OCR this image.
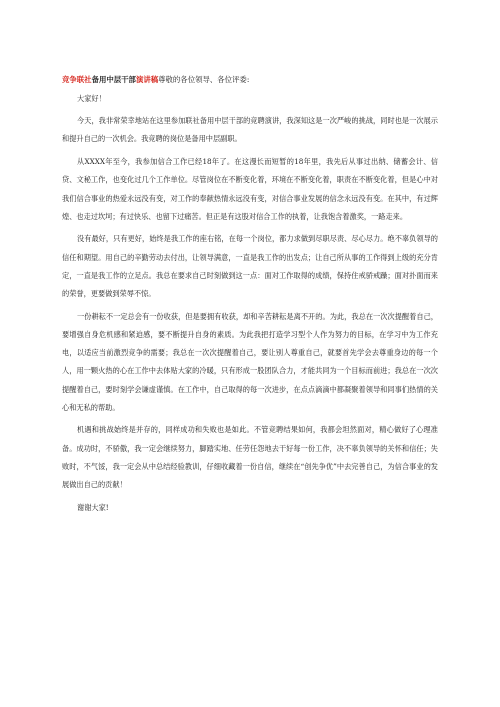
竞争联社备用中层干部演讲稿尊敬的各位领导、各位评委:

大家好！

今天，我非常荣幸地站在这里参加联社备用中层干部的竞聘演讲，我深知这是一次严峻的挑战，同时也是一次展示和提升自己的一次机会。我竞聘的岗位是备用中层副职。

从XXXX年至今，我参加信合工作已经18年了。在这漫长而短暂的18年里，我先后从事过出纳、储蓄会计、信贷、文秘工作，也变化过几个工作单位。尽管岗位在不断变化着，环境在不断变化着，职责在不断变化着，但是心中对我们信合事业的热爱永远没有变，对工作的奉献热情永远没有变，对信合事业发展的信念永远没有变。在其中，有过辉煌、也走过坎坷；有过快乐、也留下过痛苦。但正是有这股对信合工作的执着，让我饱含着激奖，一路走来。

没有最好，只有更好，始终是我工作的座右铭，在每一个岗位，都力求做到尽职尽责、尽心尽力。绝不辜负领导的信任和期望。用自己的辛勤劳动去付出，让领导满意，一直是我工作的出发点；让自己所从事的工作得到上级的充分肯定，一直是我工作的立足点。我总在要求自己时刻做到这一点：面对工作取得的成绩，保持住戒骄戒躁；面对扑面而来的荣誉，更要做到荣辱不惊。

一份耕耘不一定总会有一份收获，但是要拥有收获，却和辛苦耕耘是离不开的。为此，我总在一次次提醒着自己，要增强自身危机感和紧迫感，要不断提升自身的素质。为此我把打造学习型个人作为努力的目标，在学习中为工作充电，以适应当前激烈竞争的需要；我总在一次次提醒着自己，要让别人尊重自己，就要首先学会去尊重身边的每一个人，用一颗火热的心在工作中去体贴大家的冷暖，只有形成一股团队合力，才能共同为一个目标而前进；我总在一次次提醒着自己，要时刻学会谦虚谨慎。在工作中，自己取得的每一次进步，在点点滴滴中都凝聚着领导和同事们热情的关心和无私的帮助。

机遇和挑战始终是并存的，同样成功和失败也是如此。不管竞聘结果如何，我都会坦然面对，精心做好了心理准备。成功时，不骄傲，我一定会继续努力，脚踏实地、任劳任怨地去干好每一份工作，决不辜负领导的关怀和信任；失败时，不气馁，我一定会从中总结经验教训，仔细收藏着一份自信，继续在“创先争优”中去完善自己，为信合事业的发展做出自己的贡献！

谢谢大家!
